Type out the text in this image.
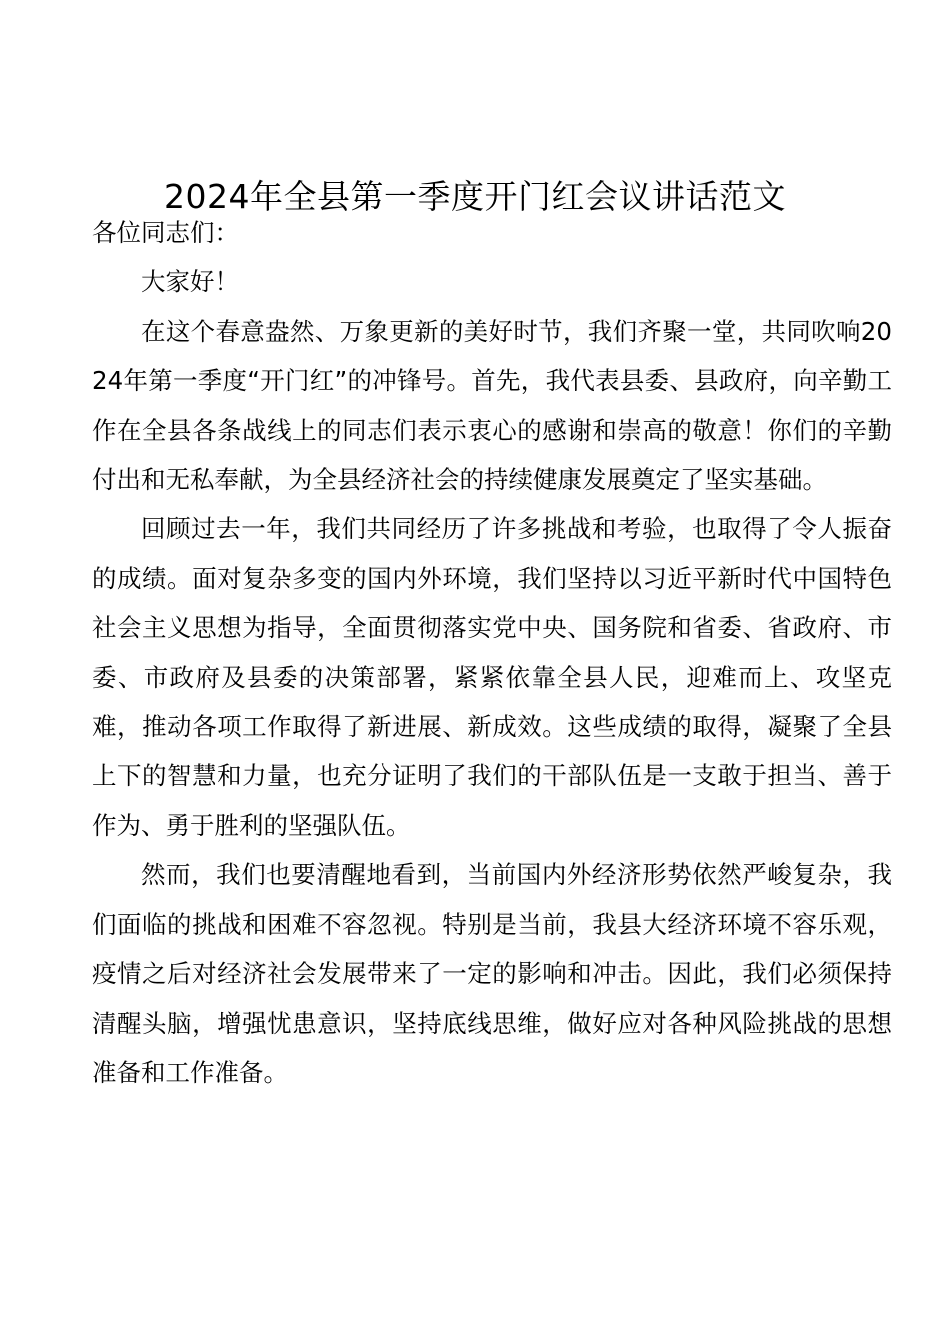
2024年全县第一季度开门红会议讲话范文

各位同志们：

大家好！

在这个春意盎然、万象更新的美好时节，我们齐聚一堂，共同吹响2024年第一季度“开门红”的冲锋号。首先，我代表县委、县政府，向辛勤工作在全县各条战线上的同志们表示衷心的感谢和崇高的敬意！你们的辛勤付出和无私奉献，为全县经济社会的持续健康发展奠定了坚实基础。

回顾过去一年，我们共同经历了许多挑战和考验，也取得了令人振奋的成绩。面对复杂多变的国内外环境，我们坚持以习近平新时代中国特色社会主义思想为指导，全面贯彻落实党中央、国务院和省委、省政府、市委、市政府及县委的决策部署，紧紧依靠全县人民，迎难而上、攻坚克难，推动各项工作取得了新进展、新成效。这些成绩的取得，凝聚了全县上下的智慧和力量，也充分证明了我们的干部队伍是一支敢于担当、善于作为、勇于胜利的坚强队伍。

然而，我们也要清醒地看到，当前国内外经济形势依然严峻复杂，我们面临的挑战和困难不容忽视。特别是当前，我县大经济环境不容乐观，疫情之后对经济社会发展带来了一定的影响和冲击。因此，我们必须保持清醒头脑，增强忧患意识，坚持底线思维，做好应对各种风险挑战的思想准备和工作准备。
